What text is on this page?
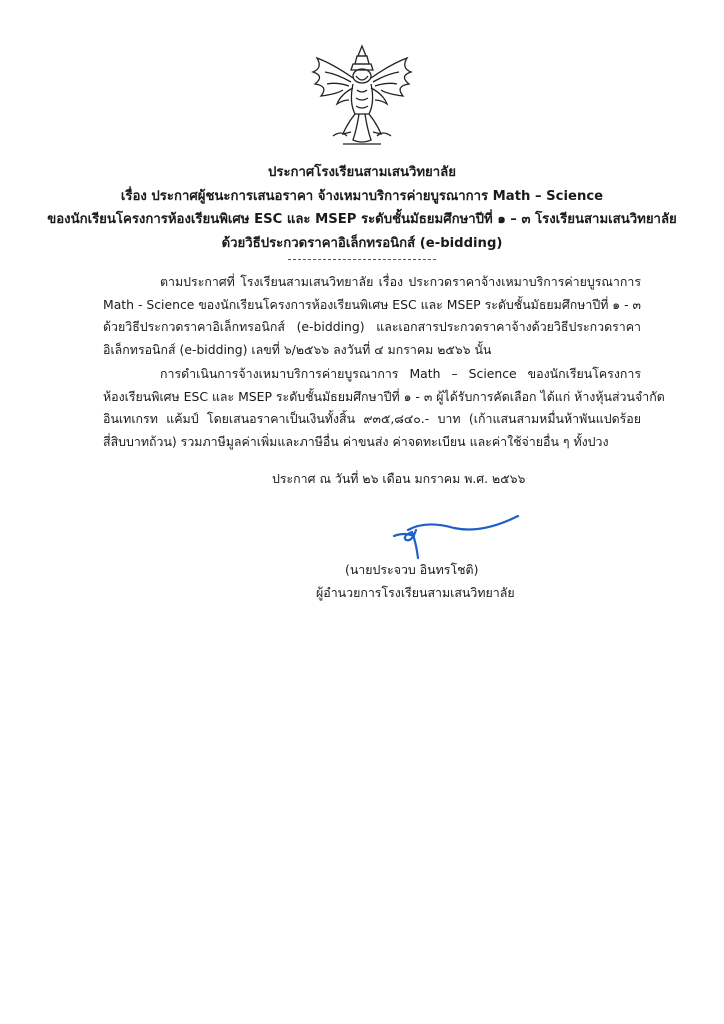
ประกาศโรงเรียนสามเสนวิทยาลัย
เรื่อง ประกาศผู้ชนะการเสนอราคา จ้างเหมาบริการค่ายบูรณาการ Math – Science
ของนักเรียนโครงการห้องเรียนพิเศษ ESC และ MSEP ระดับชั้นมัธยมศึกษาปีที่ ๑ – ๓ โรงเรียนสามเสนวิทยาลัย
ด้วยวิธีประกวดราคาอิเล็กทรอนิกส์ (e-bidding)
ตามประกาศที่ โรงเรียนสามเสนวิทยาลัย เรื่อง ประกวดราคาจ้างเหมาบริการค่ายบูรณาการ
Math - Science ของนักเรียนโครงการห้องเรียนพิเศษ ESC และ MSEP ระดับชั้นมัธยมศึกษาปีที่ ๑ - ๓
ด้วยวิธีประกวดราคาอิเล็กทรอนิกส์ (e-bidding) และเอกสารประกวดราคาจ้างด้วยวิธีประกวดราคา
อิเล็กทรอนิกส์ (e-bidding) เลขที่ ๖/๒๕๖๖ ลงวันที่ ๔ มกราคม ๒๕๖๖ นั้น
การดำเนินการจ้างเหมาบริการค่ายบูรณาการ Math – Science ของนักเรียนโครงการ
ห้องเรียนพิเศษ ESC และ MSEP ระดับชั้นมัธยมศึกษาปีที่ ๑ - ๓ ผู้ได้รับการคัดเลือก ได้แก่ ห้างหุ้นส่วนจำกัด
อินเทเกรท แค้มป์ โดยเสนอราคาเป็นเงินทั้งสิ้น ๙๓๕,๘๔๐.- บาท (เก้าแสนสามหมื่นห้าพันแปดร้อย
สี่สิบบาทถ้วน) รวมภาษีมูลค่าเพิ่มและภาษีอื่น ค่าขนส่ง ค่าจดทะเบียน และค่าใช้จ่ายอื่น ๆ ทั้งปวง
ประกาศ ณ วันที่ ๒๖ เดือน มกราคม พ.ศ. ๒๕๖๖
(นายประจวบ อินทรโชติ)
ผู้อำนวยการโรงเรียนสามเสนวิทยาลัย
